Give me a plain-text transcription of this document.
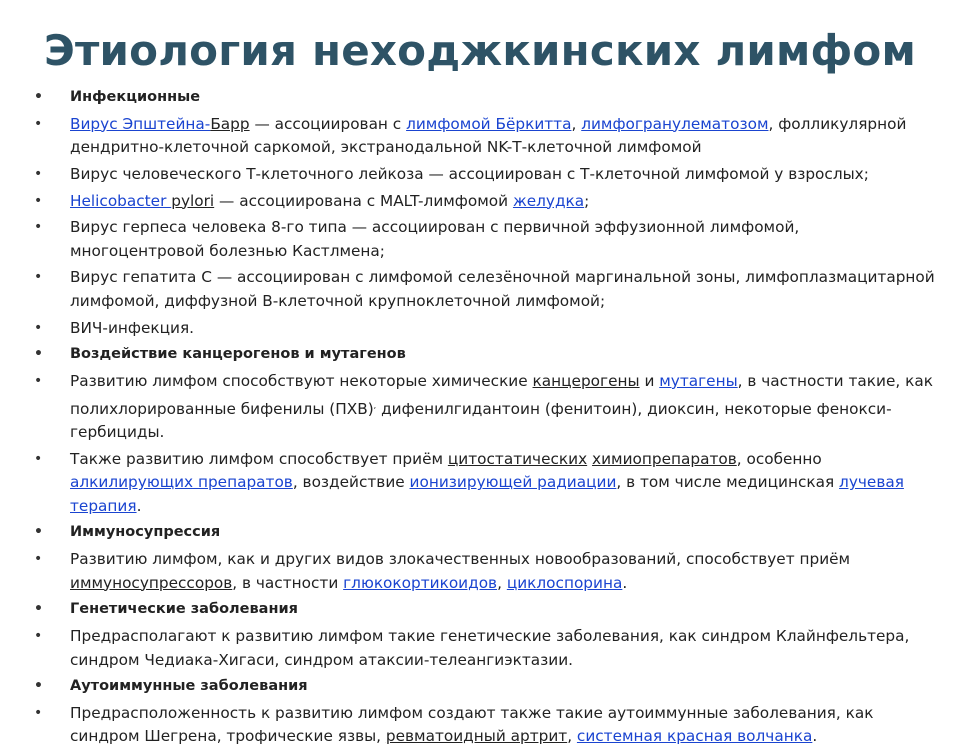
Этиология неходжкинских лимфом
• Инфекционные
• Вирус Эпштейна-Барр — ассоциирован с лимфомой Бёркитта, лимфогранулематозом, фолликулярной дендритно-клеточной саркомой, экстранодальной NK-Т-клеточной лимфомой
• Вирус человеческого Т-клеточного лейкоза — ассоциирован с Т-клеточной лимфомой у взрослых;
• Helicobacter pylori — ассоциирована с MALT-лимфомой желудка;
• Вирус герпеса человека 8-го типа — ассоциирован с первичной эффузионной лимфомой, многоцентровой болезнью Кастлмена;
• Вирус гепатита С — ассоциирован с лимфомой селезёночной маргинальной зоны, лимфоплазмацитарной лимфомой, диффузной В-клеточной крупноклеточной лимфомой;
• ВИЧ-инфекция.
• Воздействие канцерогенов и мутагенов
• Развитию лимфом способствуют некоторые химические канцерогены и мутагены, в частности такие, как полихлорированные бифенилы (ПХВ), дифенилгидантоин (фенитоин), диоксин, некоторые фенокси-гербициды.
• Также развитию лимфом способствует приём цитостатических химиопрепаратов, особенно алкилирующих препаратов, воздействие ионизирующей радиации, в том числе медицинская лучевая терапия.
• Иммуносупрессия
• Развитию лимфом, как и других видов злокачественных новообразований, способствует приём иммуносупрессоров, в частности глюкокортикоидов, циклоспорина.
• Генетические заболевания
• Предрасполагают к развитию лимфом такие генетические заболевания, как синдром Клайнфельтера, синдром Чедиака-Хигаси, синдром атаксии-телеангиэктазии.
• Аутоиммунные заболевания
• Предрасположенность к развитию лимфом создают также такие аутоиммунные заболевания, как синдром Шегрена, трофические язвы, ревматоидный артрит, системная красная волчанка.
